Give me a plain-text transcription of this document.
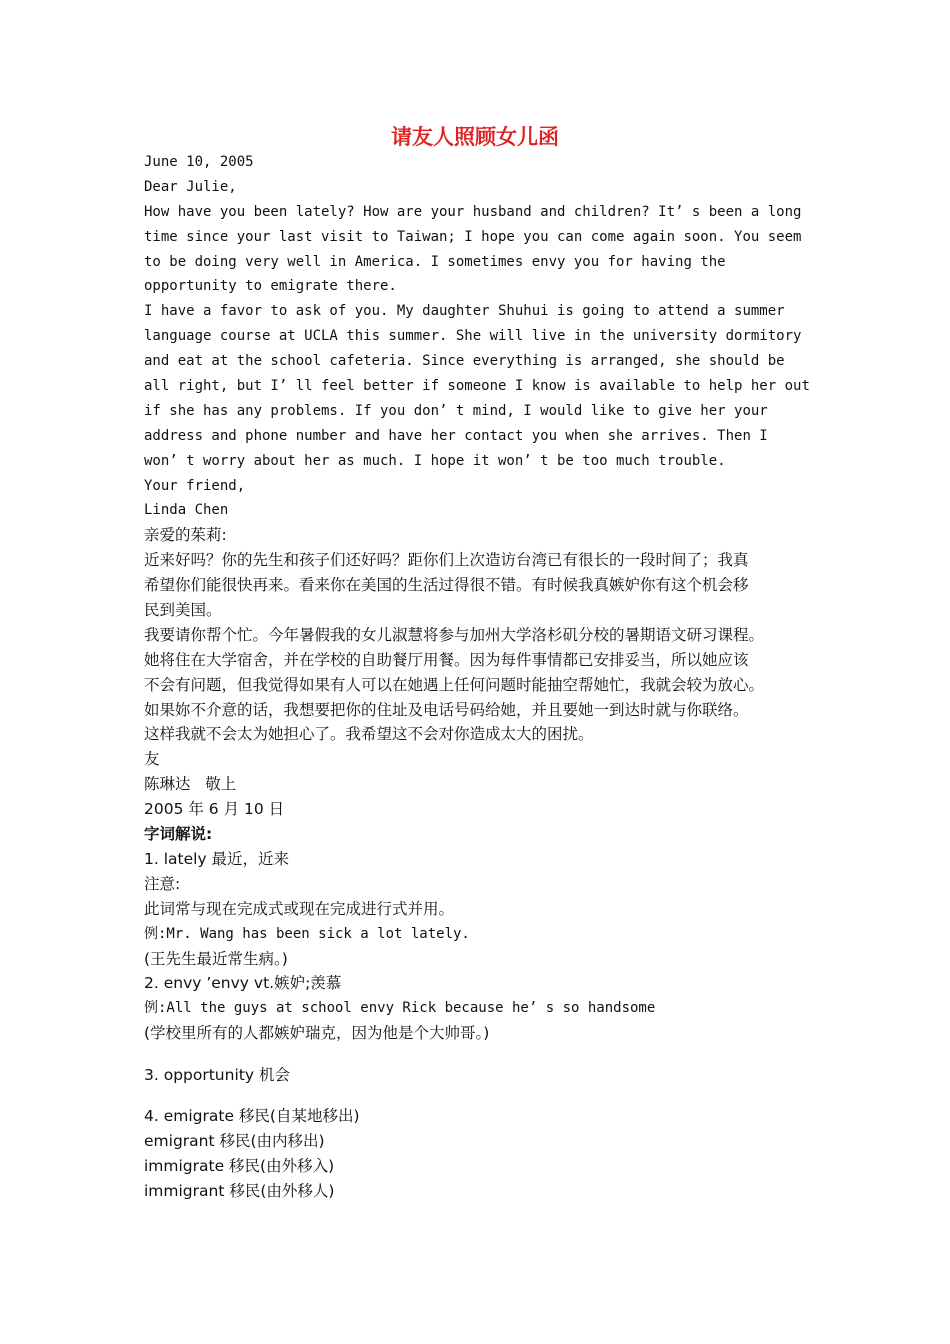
请友人照顾女儿函
June 10, 2005
Dear Julie,
How have you been lately? How are your husband and children? It’ s been a long
time since your last visit to Taiwan; I hope you can come again soon. You seem
to be doing very well in America. I sometimes envy you for having the
opportunity to emigrate there.
I have a favor to ask of you. My daughter Shuhui is going to attend a summer
language course at UCLA this summer. She will live in the university dormitory
and eat at the school cafeteria. Since everything is arranged, she should be
all right, but I’ ll feel better if someone I know is available to help her out
if she has any problems. If you don’ t mind, I would like to give her your
address and phone number and have her contact you when she arrives. Then I
won’ t worry about her as much. I hope it won’ t be too much trouble.
Your friend,
Linda Chen
亲爱的茱莉:
近来好吗？你的先生和孩子们还好吗？距你们上次造访台湾已有很长的一段时间了；我真
希望你们能很快再来。看来你在美国的生活过得很不错。有时候我真嫉妒你有这个机会移
民到美国。
我要请你帮个忙。今年暑假我的女儿淑慧将参与加州大学洛杉矶分校的暑期语文研习课程。
她将住在大学宿舍，并在学校的自助餐厅用餐。因为每件事情都已安排妥当，所以她应该
不会有问题，但我觉得如果有人可以在她遇上任何问题时能抽空帮她忙，我就会较为放心。
如果妳不介意的话，我想要把你的住址及电话号码给她，并且要她一到达时就与你联络。
这样我就不会太为她担心了。我希望这不会对你造成太大的困扰。
友
陈琳达   敬上
2005 年 6 月 10 日
字词解说:
1. lately 最近，近来
注意:
此词常与现在完成式或现在完成进行式并用。
例:Mr. Wang has been sick a lot lately.
(王先生最近常生病。)
2. envy ’envy vt.嫉妒;羡慕
例:All the guys at school envy Rick because he’ s so handsome
(学校里所有的人都嫉妒瑞克，因为他是个大帅哥。)
3. opportunity 机会
4. emigrate 移民(自某地移出)
emigrant 移民(由内移出)
immigrate 移民(由外移入)
immigrant 移民(由外移人)
